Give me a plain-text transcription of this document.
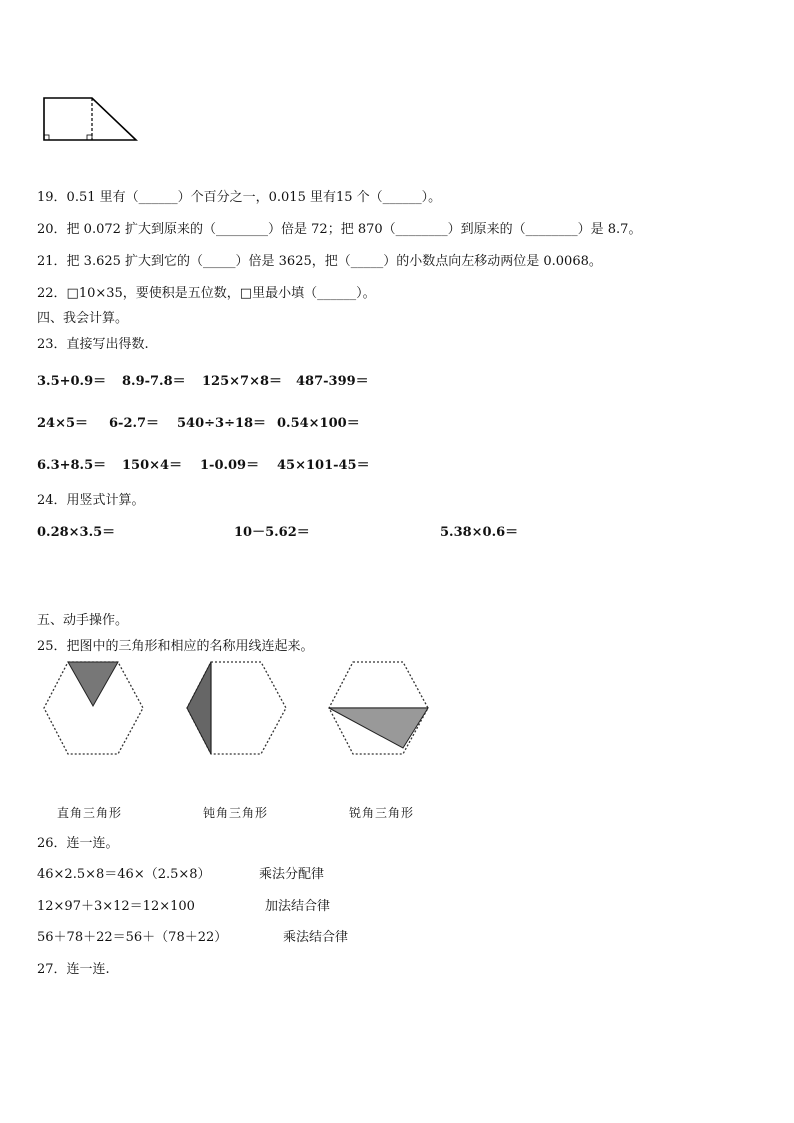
19．0.51 里有（______）个百分之一，0.015 里有15 个（______）。
20．把 0.072 扩大到原来的（________）倍是 72；把 870（________）到原来的（________）是 8.7。
21．把 3.625 扩大到它的（_____）倍是 3625，把（_____）的小数点向左移动两位是 0.0068。
22．□10×35，要使积是五位数，□里最小填（______）。
四、我会计算。
23．直接写出得数.
3.5+0.9＝ 8.9-7.8＝ 125×7×8＝ 487-399＝
24×5＝ 6-2.7＝ 540÷3÷18＝ 0.54×100＝
6.3+8.5＝ 150×4＝ 1-0.09＝ 45×101-45＝
24．用竖式计算。
0.28×3.5＝	10－5.62＝	5.38×0.6＝
五、动手操作。
25．把图中的三角形和相应的名称用线连起来。
直角三角形	钝角三角形	锐角三角形
26．连一连。
46×2.5×8＝46×（2.5×8）	乘法分配律
12×97＋3×12＝12×100	加法结合律
56＋78＋22＝56＋（78＋22）	乘法结合律
27．连一连.
